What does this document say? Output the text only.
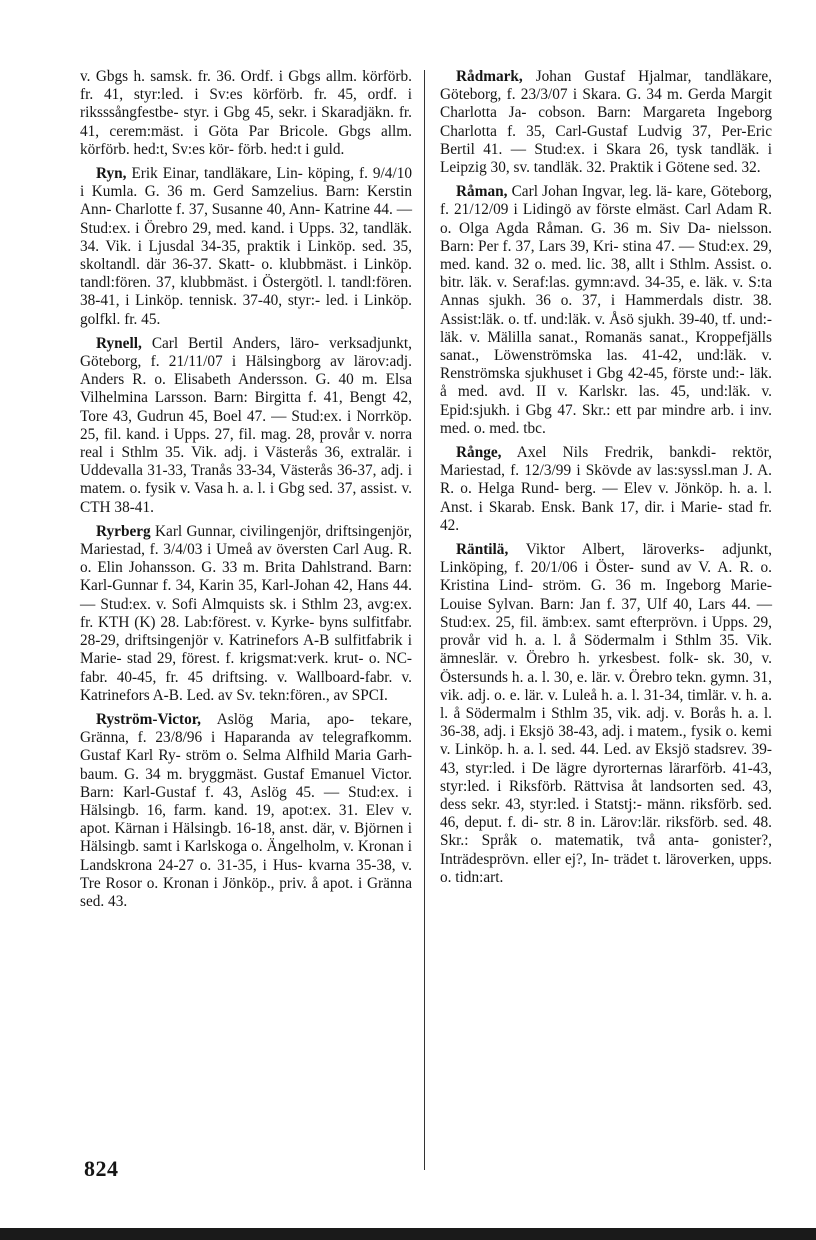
v. Gbgs h. samsk. fr. 36. Ordf. i Gbgs allm. körförb. fr. 41, styr:led. i Sv:es körförb. fr. 45, ordf. i riksssångfestbe- styr. i Gbg 45, sekr. i Skaradjäkn. fr. 41, cerem:mäst. i Göta Par Bricole. Gbgs allm. körförb. hed:t, Sv:es kör- förb. hed:t i guld.

Ryn, Erik Einar, tandläkare, Lin- köping, f. 9/4/10 i Kumla. G. 36 m. Gerd Samzelius. Barn: Kerstin Ann- Charlotte f. 37, Susanne 40, Ann- Katrine 44. — Stud:ex. i Örebro 29, med. kand. i Upps. 32, tandläk. 34. Vik. i Ljusdal 34-35, praktik i Linköp. sed. 35, skoltandl. där 36-37. Skatt- o. klubbmäst. i Linköp. tandl:fören. 37, klubbmäst. i Östergötl. l. tandl:fören. 38-41, i Linköp. tennisk. 37-40, styr:- led. i Linköp. golfkl. fr. 45.

Rynell, Carl Bertil Anders, läro- verksadjunkt, Göteborg, f. 21/11/07 i Hälsingborg av lärov:adj. Anders R. o. Elisabeth Andersson. G. 40 m. Elsa Vilhelmina Larsson. Barn: Birgitta f. 41, Bengt 42, Tore 43, Gudrun 45, Boel 47. — Stud:ex. i Norrköp. 25, fil. kand. i Upps. 27, fil. mag. 28, provår v. norra real i Sthlm 35. Vik. adj. i Västerås 36, extralär. i Uddevalla 31-33, Tranås 33-34, Västerås 36-37, adj. i matem. o. fysik v. Vasa h. a. l. i Gbg sed. 37, assist. v. CTH 38-41.

Ryrberg Karl Gunnar, civilingenjör, driftsingenjör, Mariestad, f. 3/4/03 i Umeå av översten Carl Aug. R. o. Elin Johansson. G. 33 m. Brita Dahlstrand. Barn: Karl-Gunnar f. 34, Karin 35, Karl-Johan 42, Hans 44. — Stud:ex. v. Sofi Almquists sk. i Sthlm 23, avg:ex. fr. KTH (K) 28. Lab:förest. v. Kyrke- byns sulfitfabr. 28-29, driftsingenjör v. Katrinefors A-B sulfitfabrik i Marie- stad 29, förest. f. krigsmat:verk. krut- o. NC-fabr. 40-45, fr. 45 driftsing. v. Wallboard-fabr. v. Katrinefors A-B. Led. av Sv. tekn:fören., av SPCI.

Ryström-Victor, Aslög Maria, apo- tekare, Gränna, f. 23/8/96 i Haparanda av telegrafkomm. Gustaf Karl Ry- ström o. Selma Alfhild Maria Garh- baum. G. 34 m. bryggmäst. Gustaf Emanuel Victor. Barn: Karl-Gustaf f. 43, Aslög 45. — Stud:ex. i Hälsingb. 16, farm. kand. 19, apot:ex. 31. Elev v. apot. Kärnan i Hälsingb. 16-18, anst. där, v. Björnen i Hälsingb. samt i Karlskoga o. Ängelholm, v. Kronan i Landskrona 24-27 o. 31-35, i Hus- kvarna 35-38, v. Tre Rosor o. Kronan i Jönköp., priv. å apot. i Gränna sed. 43.

Rådmark, Johan Gustaf Hjalmar, tandläkare, Göteborg, f. 23/3/07 i Skara. G. 34 m. Gerda Margit Charlotta Ja- cobson. Barn: Margareta Ingeborg Charlotta f. 35, Carl-Gustaf Ludvig 37, Per-Eric Bertil 41. — Stud:ex. i Skara 26, tysk tandläk. i Leipzig 30, sv. tandläk. 32. Praktik i Götene sed. 32.

Råman, Carl Johan Ingvar, leg. lä- kare, Göteborg, f. 21/12/09 i Lidingö av förste elmäst. Carl Adam R. o. Olga Agda Råman. G. 36 m. Siv Da- nielsson. Barn: Per f. 37, Lars 39, Kri- stina 47. — Stud:ex. 29, med. kand. 32 o. med. lic. 38, allt i Sthlm. Assist. o. bitr. läk. v. Seraf:las. gymn:avd. 34-35, e. läk. v. S:ta Annas sjukh. 36 o. 37, i Hammerdals distr. 38. Assist:läk. o. tf. und:läk. v. Åsö sjukh. 39-40, tf. und:- läk. v. Mälilla sanat., Romanäs sanat., Kroppefjälls sanat., Löwenströmska las. 41-42, und:läk. v. Renströmska sjukhuset i Gbg 42-45, förste und:- läk. å med. avd. II v. Karlskr. las. 45, und:läk. v. Epid:sjukh. i Gbg 47. Skr.: ett par mindre arb. i inv. med. o. med. tbc.

Rånge, Axel Nils Fredrik, bankdi- rektör, Mariestad, f. 12/3/99 i Skövde av las:syssl.man J. A. R. o. Helga Rund- berg. — Elev v. Jönköp. h. a. l. Anst. i Skarab. Ensk. Bank 17, dir. i Marie- stad fr. 42.

Räntilä, Viktor Albert, läroverks- adjunkt, Linköping, f. 20/1/06 i Öster- sund av V. A. R. o. Kristina Lind- ström. G. 36 m. Ingeborg Marie- Louise Sylvan. Barn: Jan f. 37, Ulf 40, Lars 44. — Stud:ex. 25, fil. ämb:ex. samt efterprövn. i Upps. 29, provår vid h. a. l. å Södermalm i Sthlm 35. Vik. ämneslär. v. Örebro h. yrkesbest. folk- sk. 30, v. Östersunds h. a. l. 30, e. lär. v. Örebro tekn. gymn. 31, vik. adj. o. e. lär. v. Luleå h. a. l. 31-34, timlär. v. h. a. l. å Södermalm i Sthlm 35, vik. adj. v. Borås h. a. l. 36-38, adj. i Eksjö 38-43, adj. i matem., fysik o. kemi v. Linköp. h. a. l. sed. 44. Led. av Eksjö stadsrev. 39-43, styr:led. i De lägre dyrorternas lärarförb. 41-43, styr:led. i Riksförb. Rättvisa åt landsorten sed. 43, dess sekr. 43, styr:led. i Statstj:- männ. riksförb. sed. 46, deput. f. di- str. 8 in. Lärov:lär. riksförb. sed. 48. Skr.: Språk o. matematik, två anta- gonister?, Inträdesprövn. eller ej?, In- trädet t. läroverken, upps. o. tidn:art.

824
